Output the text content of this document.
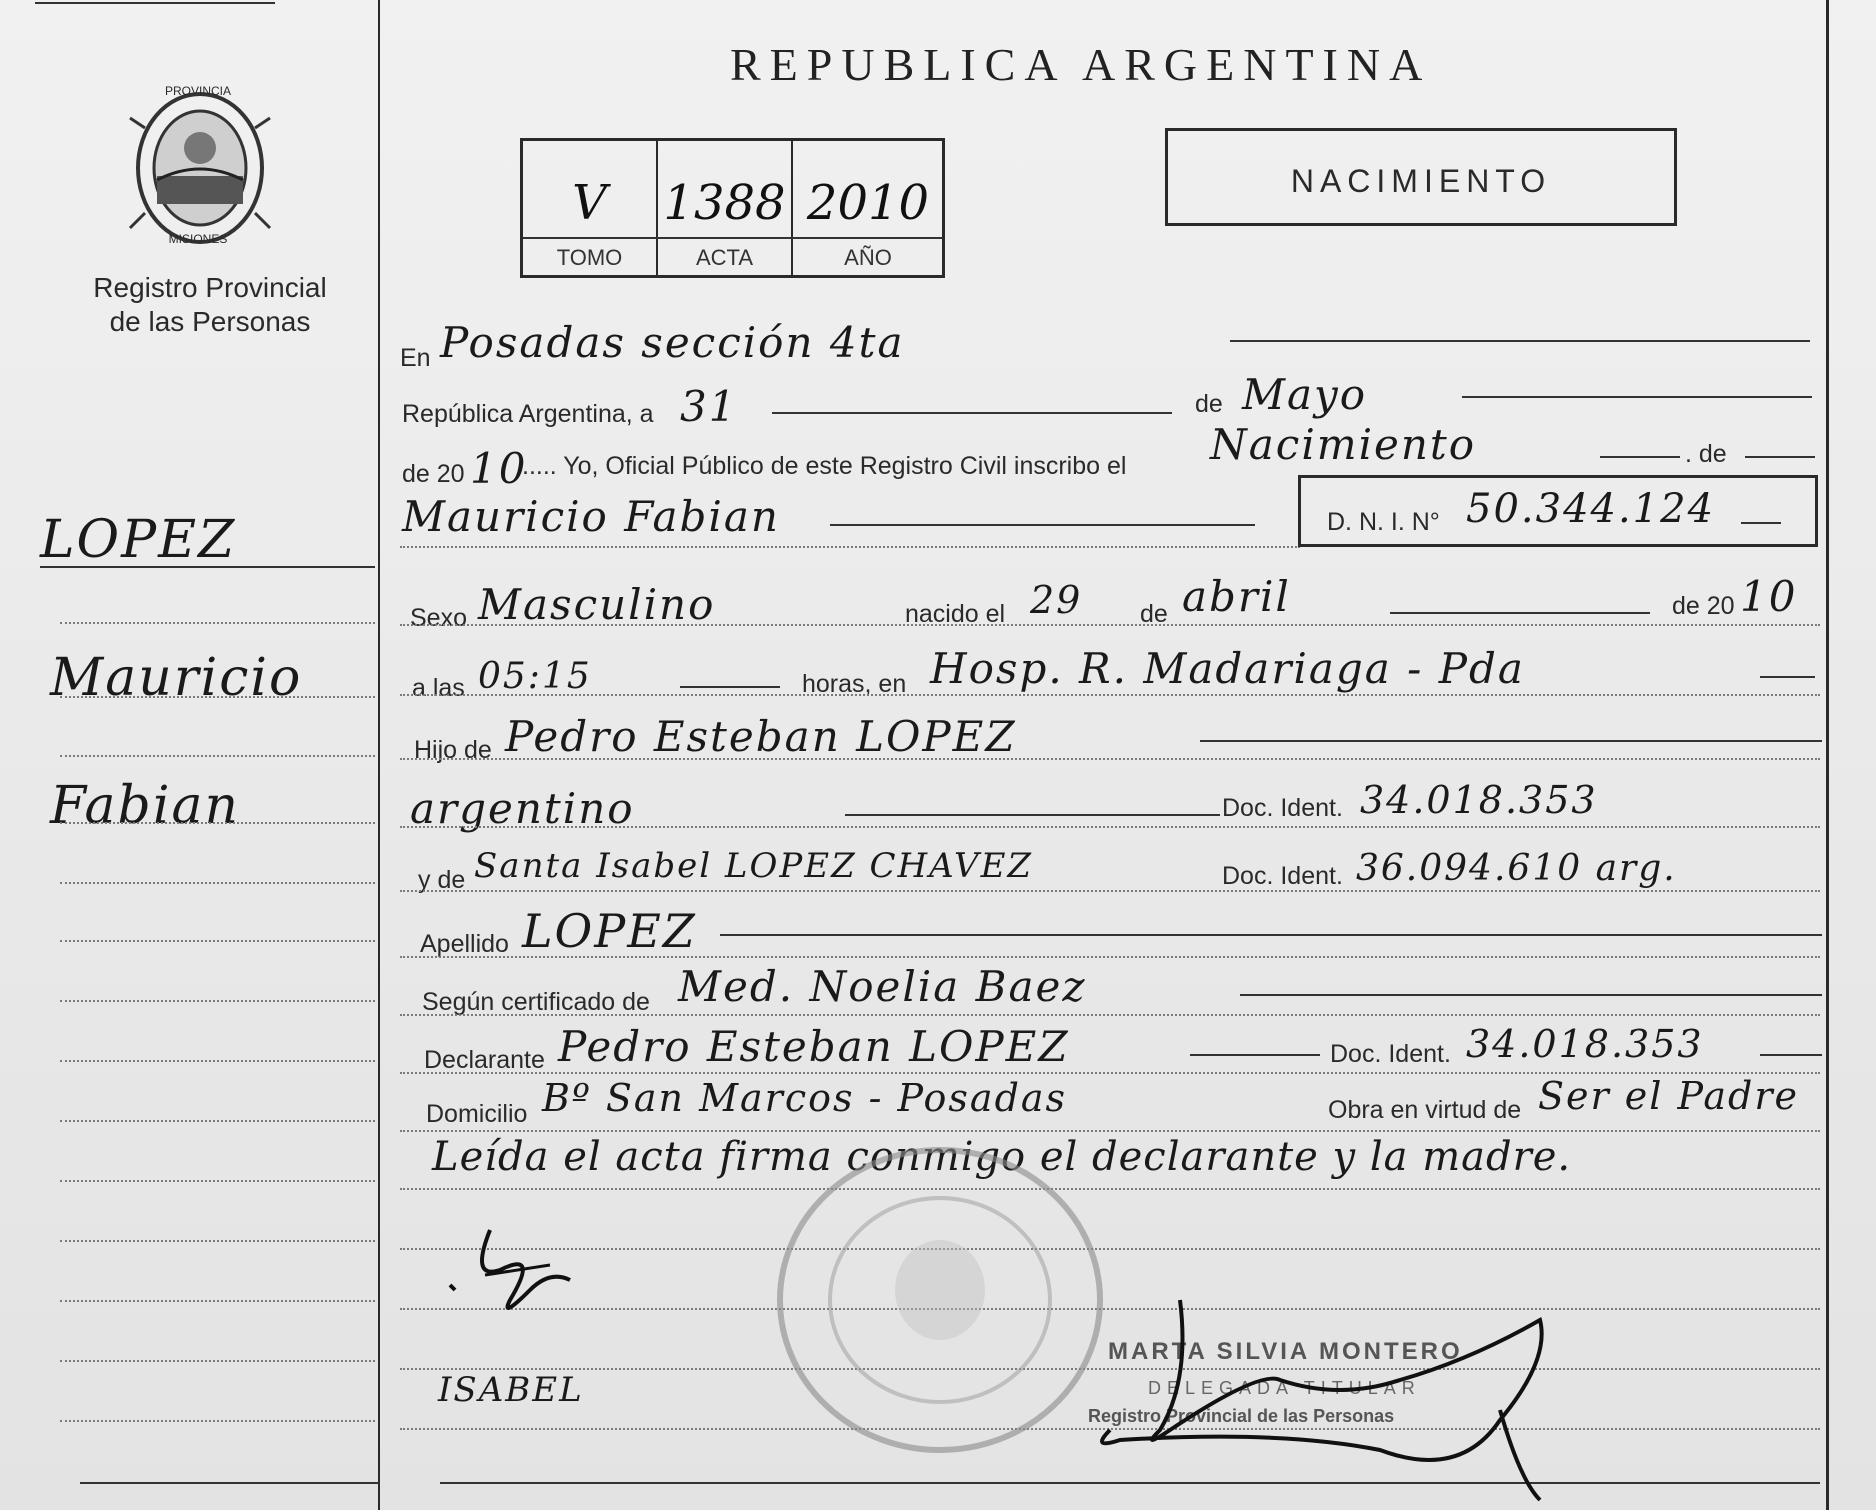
PROVINCIA
MISIONES
Registro Provincial
de las Personas
REPUBLICA ARGENTINA
V	1388 2010
TOMO	ACTA	AÑO
NACIMIENTO
LOPEZ
Mauricio
Fabian
En Posadas sección 4ta
República Argentina, a 31	de Mayo
de 20 10
..... Yo, Oficial Público de este Registro Civil inscribo el Nacimiento	. de
Mauricio Fabian	D. N. I. N° 50.344.124
Sexo Masculino	nacido el 29 de abril	de 20 10
a las 05:15	horas, en Hosp. R. Madariaga - Pda
Hijo de Pedro Esteban LOPEZ
argentino	Doc. Ident. 34.018.353
y de Santa Isabel LOPEZ CHAVEZ	Doc. Ident. 36.094.610 arg.
Apellido LOPEZ
Según certificado de Med. Noelia Baez
Declarante Pedro Esteban LOPEZ	Doc. Ident. 34.018.353
Domicilio Bº San Marcos - Posadas	Obra en virtud de Ser el Padre
Leída el acta firma conmigo el declarante y la madre.
ISABEL
MARTA SILVIA MONTERO
DELEGADA TITULAR
Registro Provincial de las Personas
